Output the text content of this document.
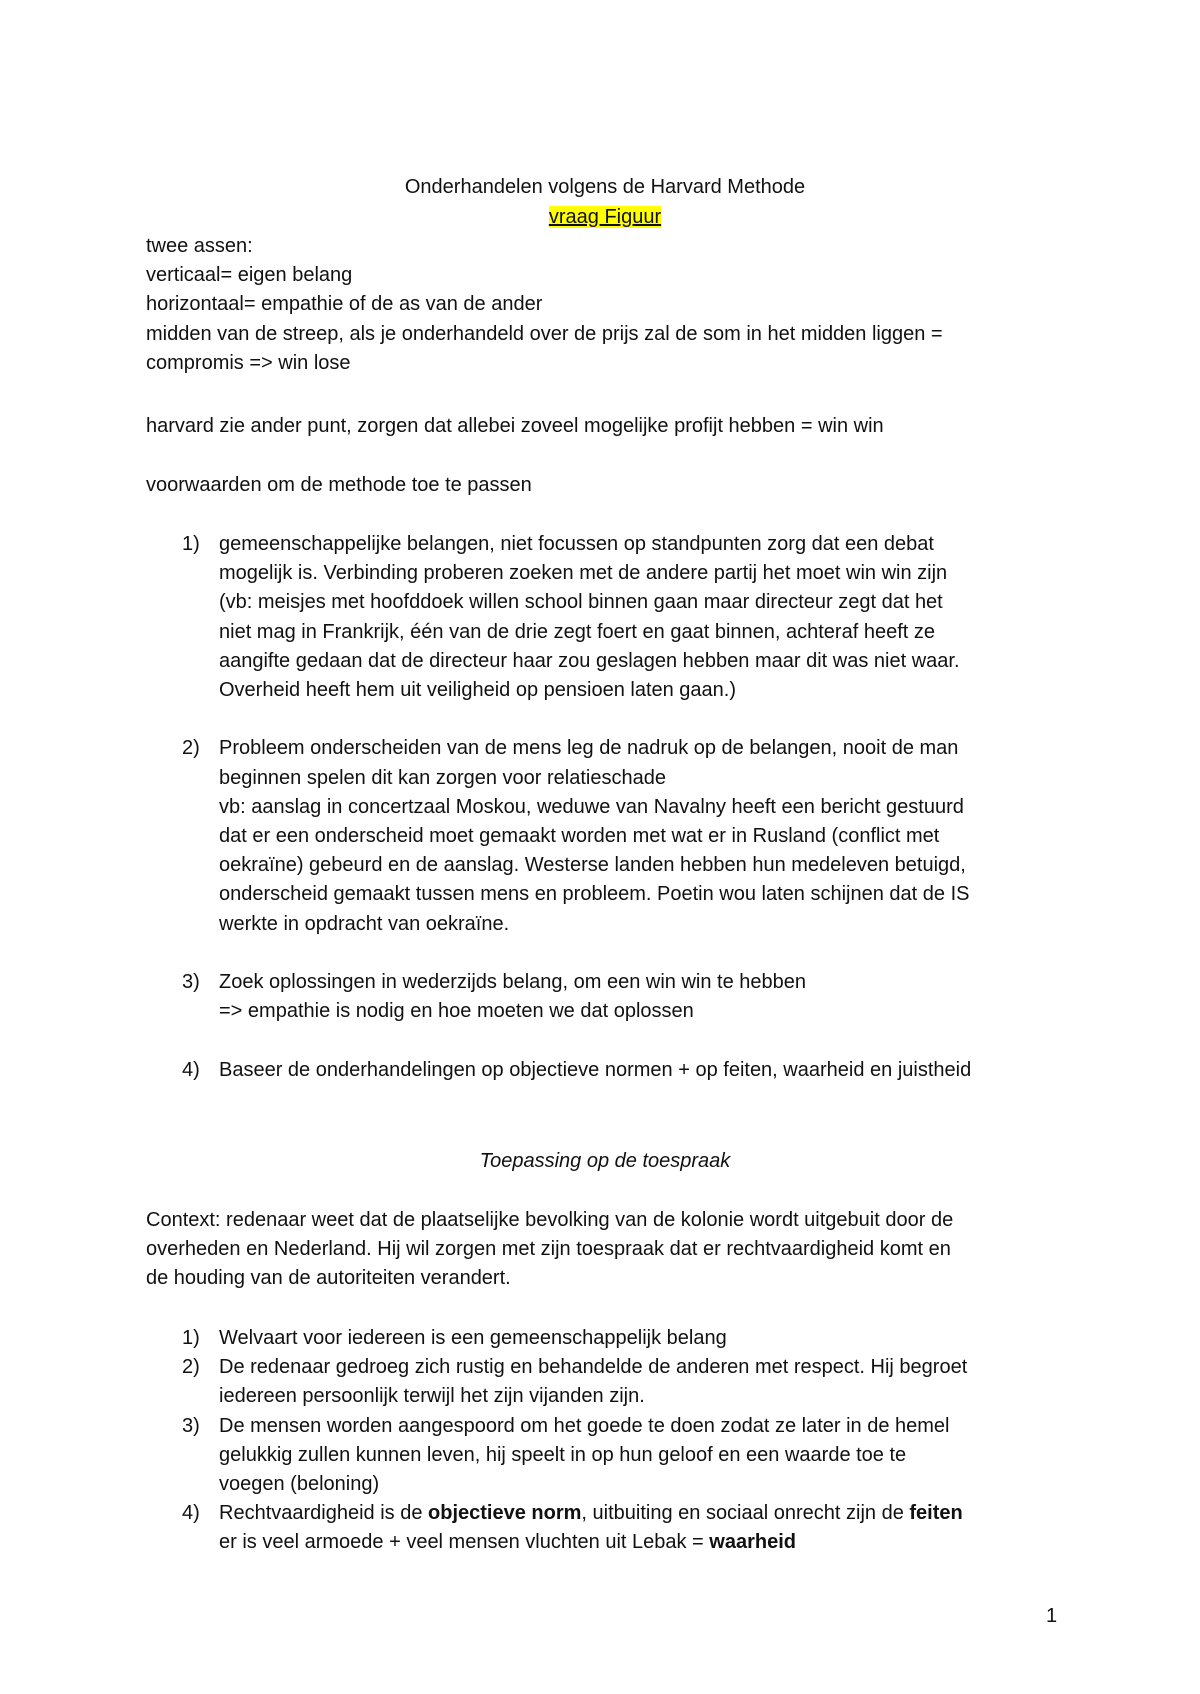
Onderhandelen volgens de Harvard Methode
vraag Figuur
twee assen:
verticaal= eigen belang
horizontaal= empathie of de as van de ander
midden van de streep, als je onderhandeld over de prijs zal de som in het midden liggen =
compromis => win lose
harvard zie ander punt, zorgen dat allebei zoveel mogelijke profijt hebben = win win
voorwaarden om de methode toe te passen
1) gemeenschappelijke belangen, niet focussen op standpunten zorg dat een debat
mogelijk is. Verbinding proberen zoeken met de andere partij het moet win win zijn
(vb: meisjes met hoofddoek willen school binnen gaan maar directeur zegt dat het
niet mag in Frankrijk, één van de drie zegt foert en gaat binnen, achteraf heeft ze
aangifte gedaan dat de directeur haar zou geslagen hebben maar dit was niet waar.
Overheid heeft hem uit veiligheid op pensioen laten gaan.)
2) Probleem onderscheiden van de mens leg de nadruk op de belangen, nooit de man
beginnen spelen dit kan zorgen voor relatieschade
vb: aanslag in concertzaal Moskou, weduwe van Navalny heeft een bericht gestuurd
dat er een onderscheid moet gemaakt worden met wat er in Rusland (conflict met
oekraïne) gebeurd en de aanslag. Westerse landen hebben hun medeleven betuigd,
onderscheid gemaakt tussen mens en probleem. Poetin wou laten schijnen dat de IS
werkte in opdracht van oekraïne.
3) Zoek oplossingen in wederzijds belang, om een win win te hebben
=> empathie is nodig en hoe moeten we dat oplossen
4) Baseer de onderhandelingen op objectieve normen + op feiten, waarheid en juistheid
Toepassing op de toespraak
Context: redenaar weet dat de plaatselijke bevolking van de kolonie wordt uitgebuit door de
overheden en Nederland. Hij wil zorgen met zijn toespraak dat er rechtvaardigheid komt en
de houding van de autoriteiten verandert.
1) Welvaart voor iedereen is een gemeenschappelijk belang
2) De redenaar gedroeg zich rustig en behandelde de anderen met respect. Hij begroet
iedereen persoonlijk terwijl het zijn vijanden zijn.
3) De mensen worden aangespoord om het goede te doen zodat ze later in de hemel
gelukkig zullen kunnen leven, hij speelt in op hun geloof en een waarde toe te
voegen (beloning)
4) Rechtvaardigheid is de objectieve norm, uitbuiting en sociaal onrecht zijn de feiten
er is veel armoede + veel mensen vluchten uit Lebak = waarheid
1
